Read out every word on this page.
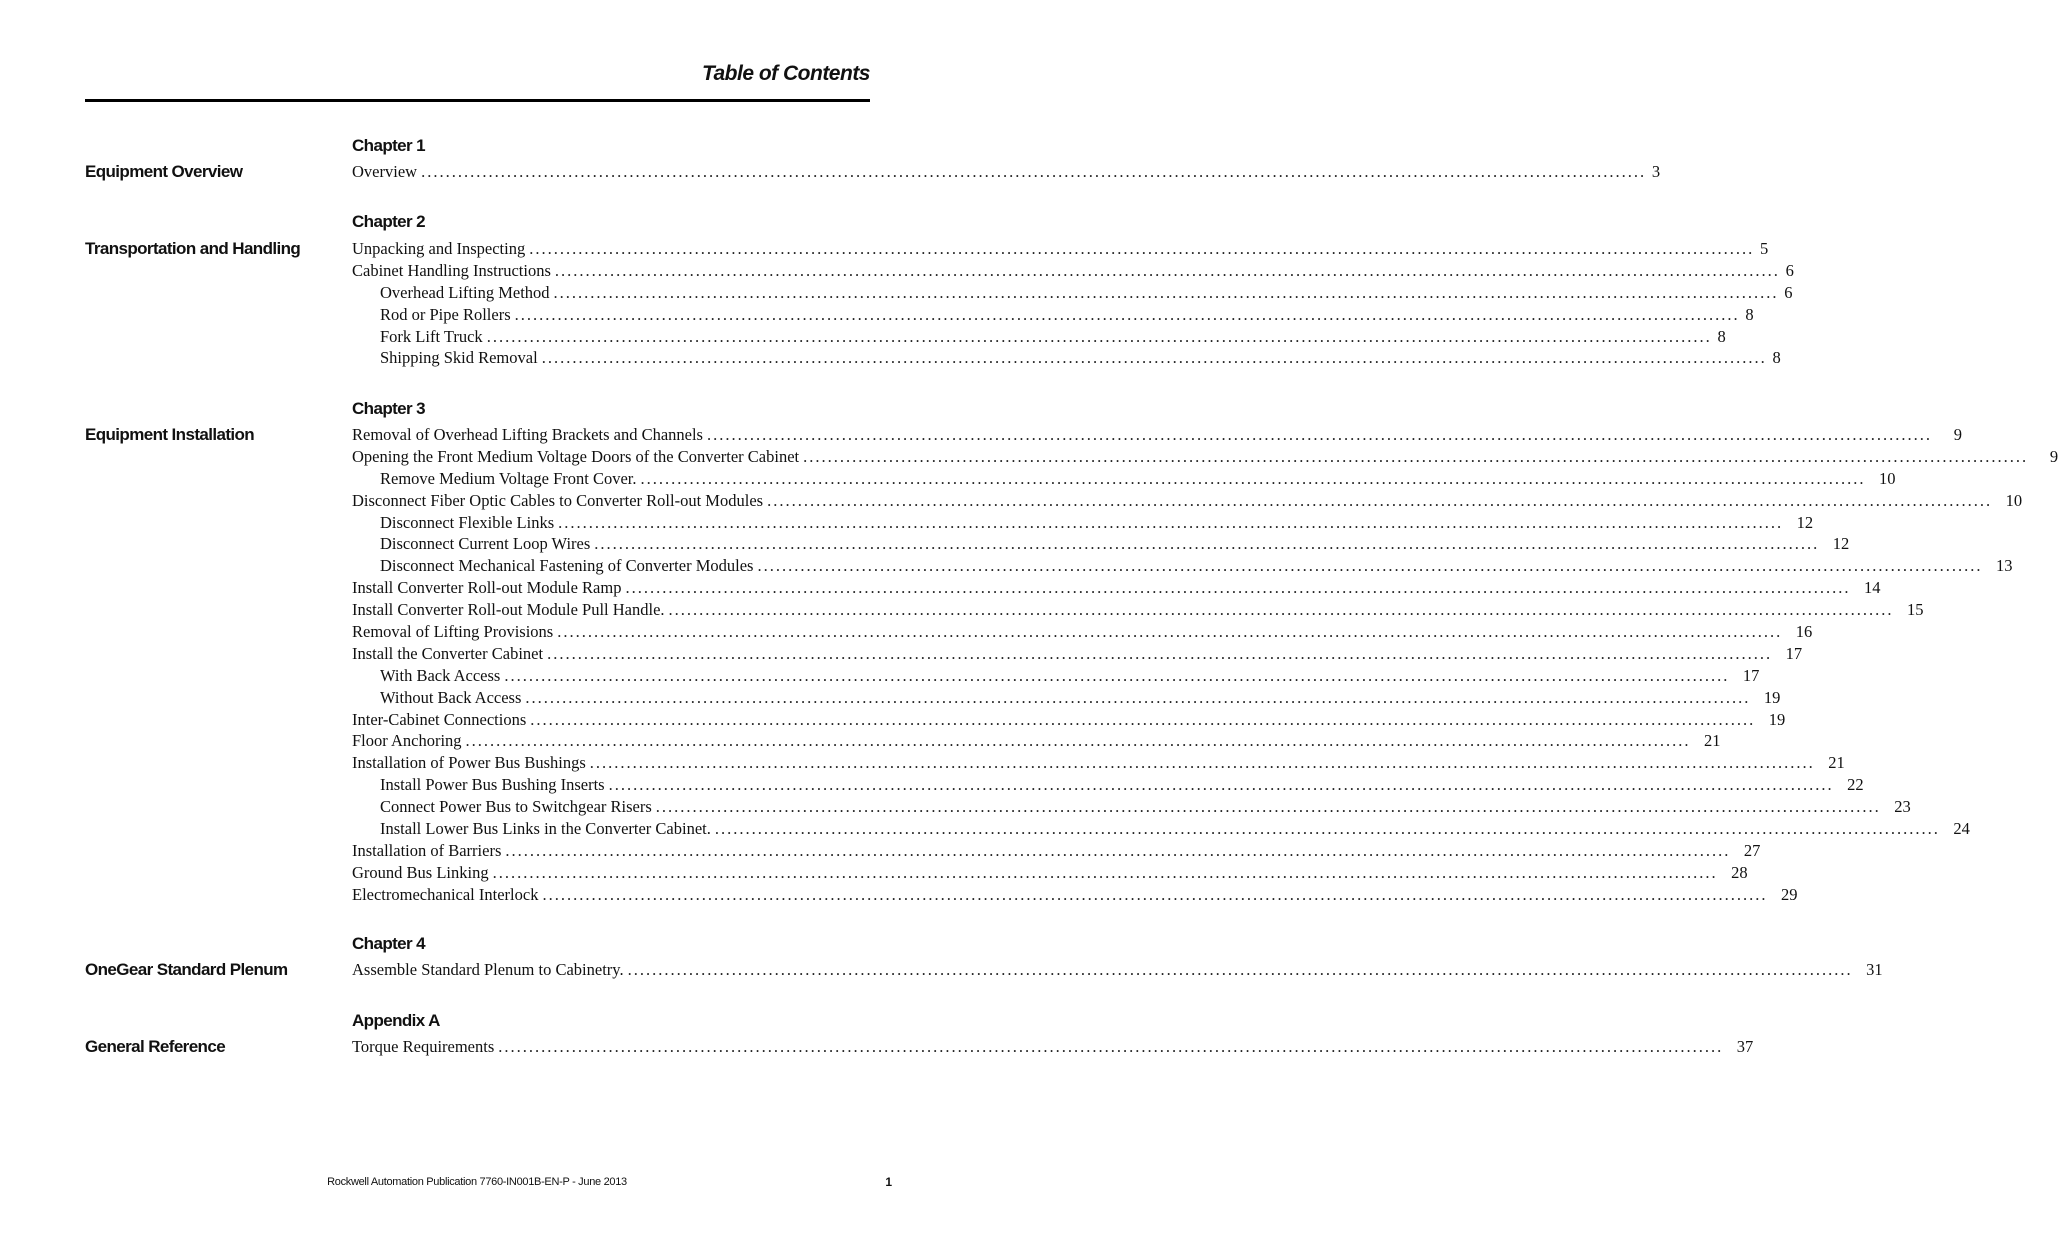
Table of Contents
Chapter 1
Equipment Overview	Overview ........................................................................................................................................................................................................ 3
Chapter 2
Transportation and Handling	Unpacking and Inspecting ........................................................................................................................................................................................................ 5
Cabinet Handling Instructions ........................................................................................................................................................................................................ 6
Overhead Lifting Method ........................................................................................................................................................................................................ 6
Rod or Pipe Rollers ........................................................................................................................................................................................................ 8
Fork Lift Truck ........................................................................................................................................................................................................ 8
Shipping Skid Removal ........................................................................................................................................................................................................ 8
Chapter 3
Equipment Installation	Removal of Overhead Lifting Brackets and Channels ........................................................................................................................................................................................................	9
Opening the Front Medium Voltage Doors of the Converter Cabinet ........................................................................................................................................................................................................	9
Remove Medium Voltage Front Cover. ........................................................................................................................................................................................................ 10
Disconnect Fiber Optic Cables to Converter Roll-out Modules ........................................................................................................................................................................................................ 10
Disconnect Flexible Links ........................................................................................................................................................................................................ 12
Disconnect Current Loop Wires ........................................................................................................................................................................................................ 12
Disconnect Mechanical Fastening of Converter Modules ........................................................................................................................................................................................................ 13
Install Converter Roll-out Module Ramp ........................................................................................................................................................................................................ 14
Install Converter Roll-out Module Pull Handle. ........................................................................................................................................................................................................ 15
Removal of Lifting Provisions ........................................................................................................................................................................................................ 16
Install the Converter Cabinet ........................................................................................................................................................................................................ 17
With Back Access ........................................................................................................................................................................................................ 17
Without Back Access ........................................................................................................................................................................................................ 19
Inter-Cabinet Connections ........................................................................................................................................................................................................ 19
Floor Anchoring ........................................................................................................................................................................................................ 21
Installation of Power Bus Bushings ........................................................................................................................................................................................................ 21
Install Power Bus Bushing Inserts ........................................................................................................................................................................................................ 22
Connect Power Bus to Switchgear Risers ........................................................................................................................................................................................................ 23
Install Lower Bus Links in the Converter Cabinet. ........................................................................................................................................................................................................ 24
Installation of Barriers ........................................................................................................................................................................................................ 27
Ground Bus Linking ........................................................................................................................................................................................................ 28
Electromechanical Interlock ........................................................................................................................................................................................................ 29
Chapter 4
OneGear Standard Plenum	Assemble Standard Plenum to Cabinetry. ........................................................................................................................................................................................................ 31
Appendix A
General Reference	Torque Requirements ........................................................................................................................................................................................................ 37
Rockwell Automation Publication 7760-IN001B-EN-P - June 2013	1
